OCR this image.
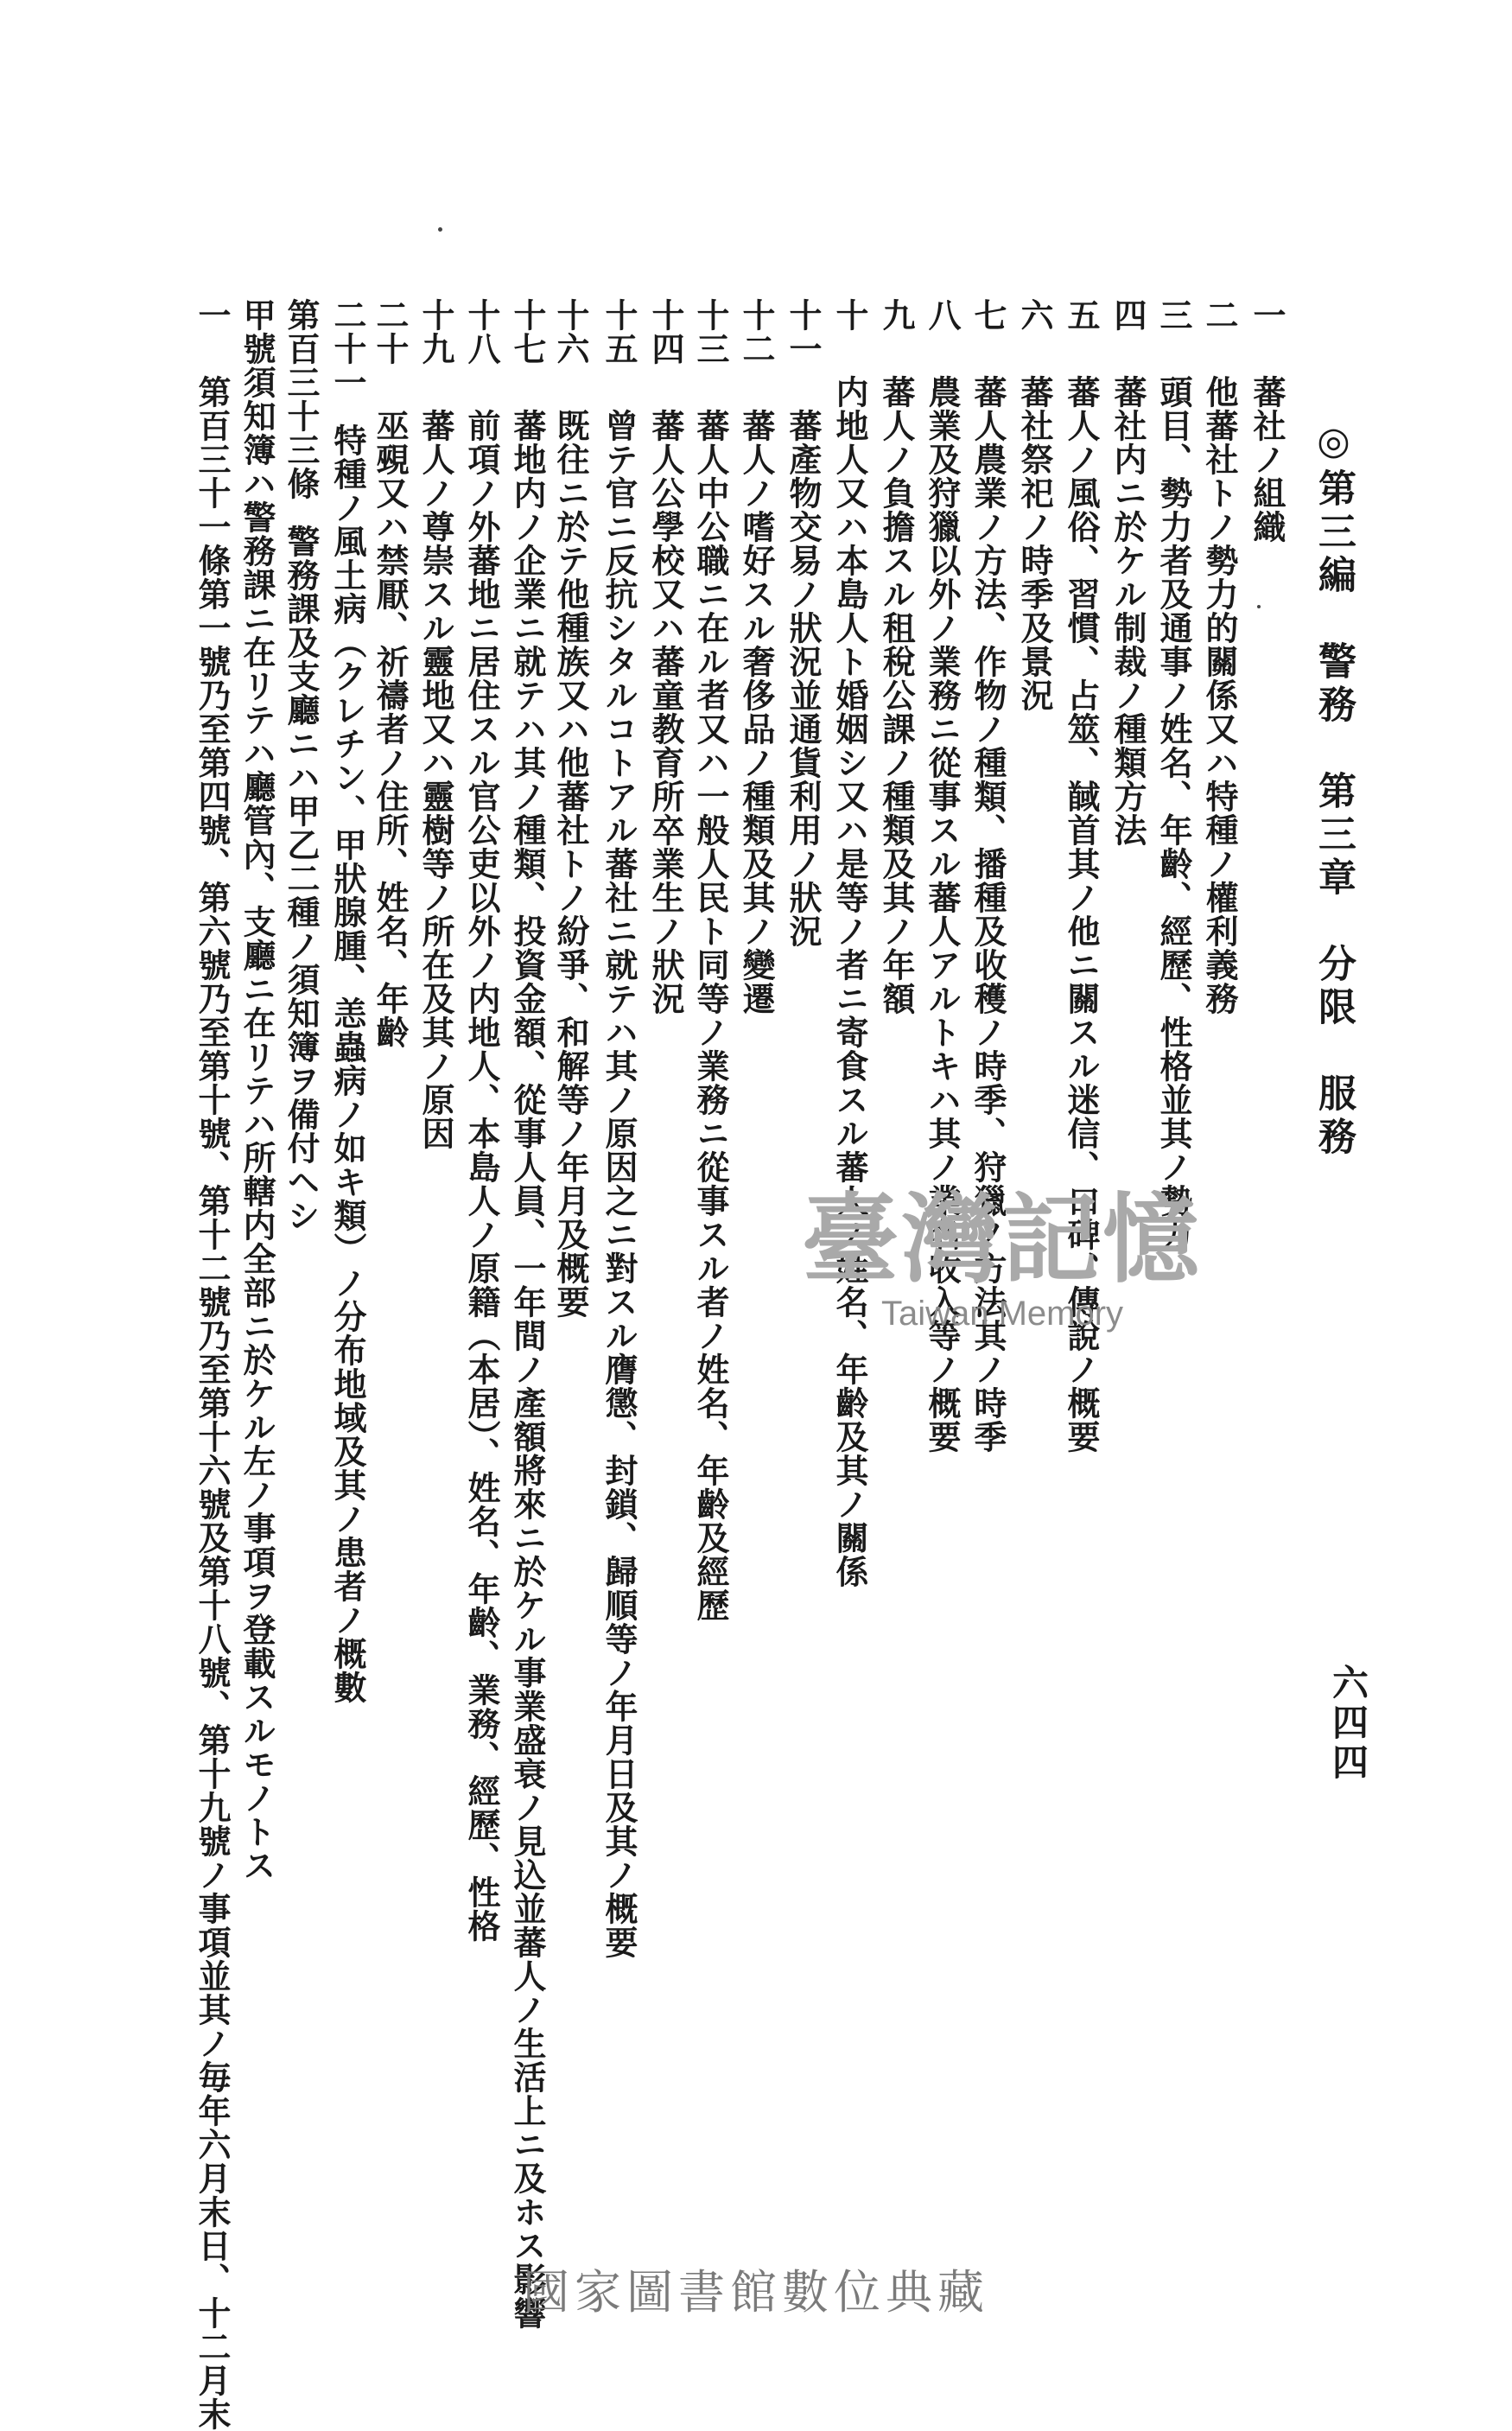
◎第三編　警務　第三章　分限　服務
六四四
一蕃社ノ組織
二他蕃社トノ勢力的關係又ハ特種ノ權利義務
三頭目、勢力者及通事ノ姓名、年齡、經歷、性格並其ノ勢力
四蕃社内ニ於ケル制裁ノ種類方法
五蕃人ノ風俗、習慣、占筮、馘首其ノ他ニ關スル迷信、口碑、傳說ノ概要
六蕃社祭祀ノ時季及景況
七蕃人農業ノ方法、作物ノ種類、播種及收穫ノ時季、狩獵ノ方法其ノ時季
八農業及狩獵以外ノ業務ニ從事スル蕃人アルトキハ其ノ業名收入等ノ概要
九蕃人ノ負擔スル租稅公課ノ種類及其ノ年額
十内地人又ハ本島人ト婚姻シ又ハ是等ノ者ニ寄食スル蕃人ノ姓名、年齡及其ノ關係
十一蕃產物交易ノ狀況並通貨利用ノ狀況
十二蕃人ノ嗜好スル奢侈品ノ種類及其ノ變遷
十三蕃人中公職ニ在ル者又ハ一般人民ト同等ノ業務ニ從事スル者ノ姓名、年齡及經歷
十四蕃人公學校又ハ蕃童教育所卒業生ノ狀況
十五曾テ官ニ反抗シタルコトアル蕃社ニ就テハ其ノ原因之ニ對スル膺懲、封鎖、歸順等ノ年月日及其ノ概要
十六既往ニ於テ他種族又ハ他蕃社トノ紛爭、和解等ノ年月及概要
十七蕃地内ノ企業ニ就テハ其ノ種類、投資金額、從事人員、一年間ノ產額將來ニ於ケル事業盛衰ノ見込並蕃人ノ生活上ニ及ホス影響
十八前項ノ外蕃地ニ居住スル官公吏以外ノ内地人、本島人ノ原籍（本居）、姓名、年齡、業務、經歷、性格
十九蕃人ノ尊崇スル靈地又ハ靈樹等ノ所在及其ノ原因
二十巫覡又ハ禁厭、祈禱者ノ住所、姓名、年齡
二十一特種ノ風土病（クレチン、甲狀腺腫、恙蟲病ノ如キ類）ノ分布地域及其ノ患者ノ概數
第百三十三條警務課及支廳ニハ甲乙二種ノ須知簿ヲ備付ヘシ
甲號須知簿ハ警務課ニ在リテハ廳管內、支廳ニ在リテハ所轄内全部ニ於ケル左ノ事項ヲ登載スルモノトス
一第百三十一條第一號乃至第四號、第六號乃至第十號、第十二號乃至第十六號及第十八號、第十九號ノ事項並其ノ毎年六月末日、十二月末	臺灣記憶
Taiwan Memory
國家圖書館數位典藏
